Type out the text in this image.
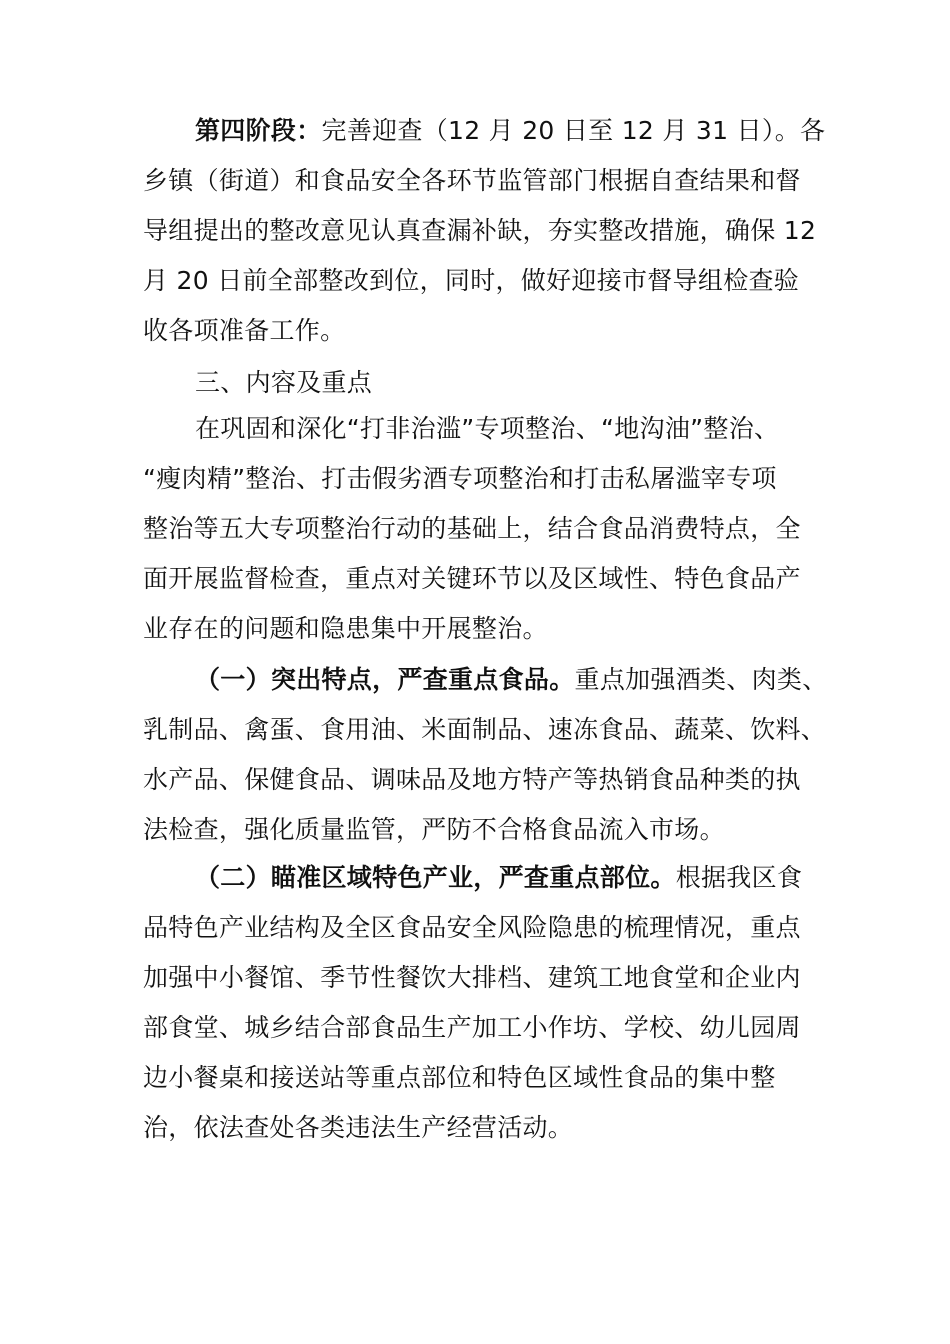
第四阶段：完善迎查（12 月 20 日至 12 月 31 日）。各
乡镇（街道）和食品安全各环节监管部门根据自查结果和督
导组提出的整改意见认真查漏补缺，夯实整改措施，确保 12
月 20 日前全部整改到位，同时，做好迎接市督导组检查验
收各项准备工作。
三、内容及重点
在巩固和深化“打非治滥”专项整治、“地沟油”整治、
“瘦肉精”整治、打击假劣酒专项整治和打击私屠滥宰专项
整治等五大专项整治行动的基础上，结合食品消费特点，全
面开展监督检查，重点对关键环节以及区域性、特色食品产
业存在的问题和隐患集中开展整治。
（一）突出特点，严查重点食品。重点加强酒类、肉类、
乳制品、禽蛋、食用油、米面制品、速冻食品、蔬菜、饮料、
水产品、保健食品、调味品及地方特产等热销食品种类的执
法检查，强化质量监管，严防不合格食品流入市场。
（二）瞄准区域特色产业，严查重点部位。根据我区食
品特色产业结构及全区食品安全风险隐患的梳理情况，重点
加强中小餐馆、季节性餐饮大排档、建筑工地食堂和企业内
部食堂、城乡结合部食品生产加工小作坊、学校、幼儿园周
边小餐桌和接送站等重点部位和特色区域性食品的集中整
治，依法查处各类违法生产经营活动。
